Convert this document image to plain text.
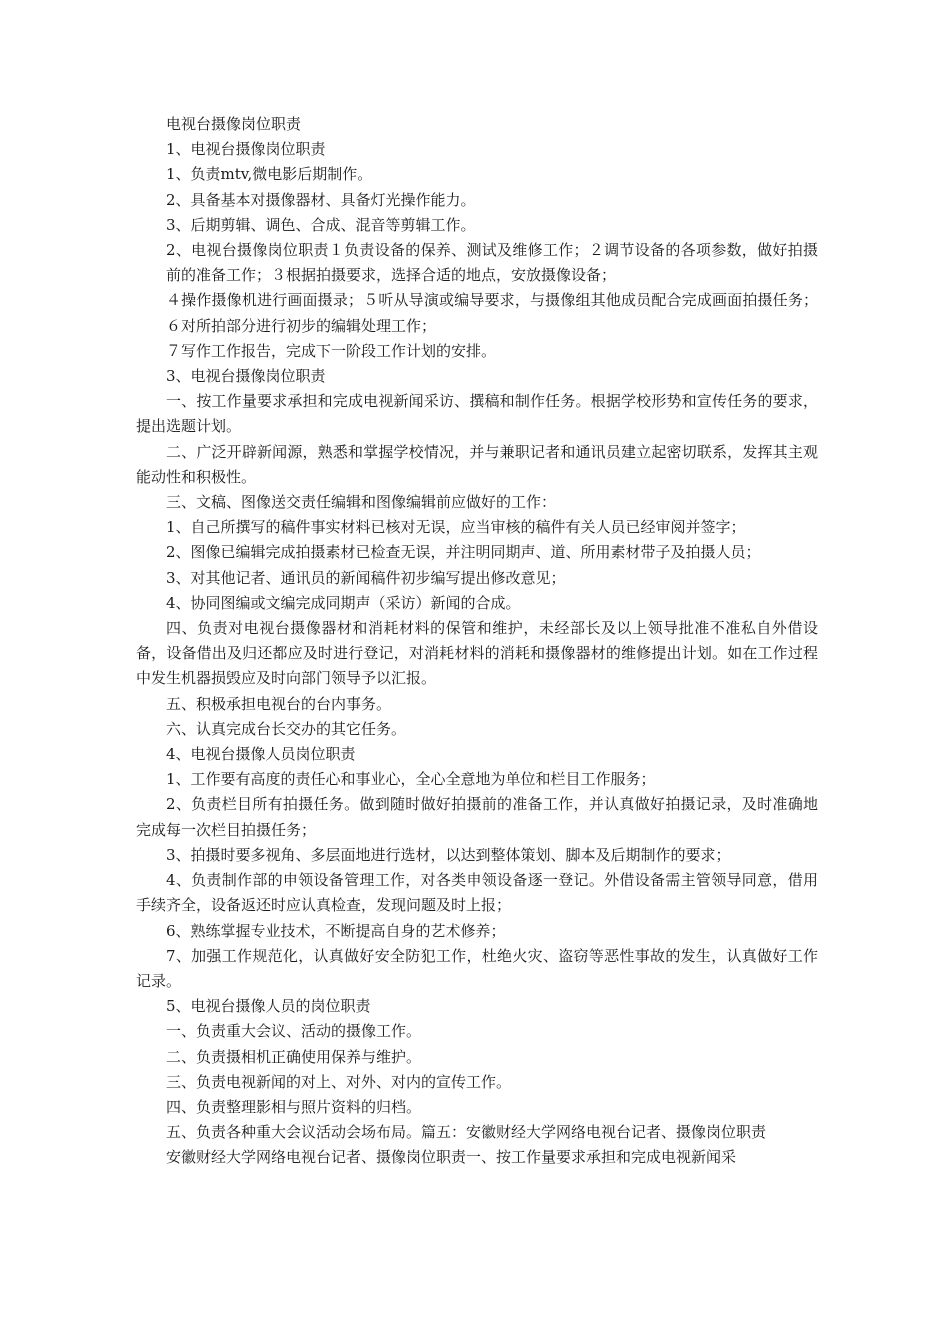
电视台摄像岗位职责

1、电视台摄像岗位职责

1、负责mtv,微电影后期制作。

2、具备基本对摄像器材、具备灯光操作能力。

3、后期剪辑、调色、合成、混音等剪辑工作。

2、电视台摄像岗位职责１负责设备的保养、测试及维修工作；２调节设备的各项参数，做好拍摄前的准备工作；３根据拍摄要求，选择合适的地点，安放摄像设备；

４操作摄像机进行画面摄录；５听从导演或编导要求，与摄像组其他成员配合完成画面拍摄任务；６对所拍部分进行初步的编辑处理工作；

７写作工作报告，完成下一阶段工作计划的安排。

3、电视台摄像岗位职责

一、按工作量要求承担和完成电视新闻采访、撰稿和制作任务。根据学校形势和宣传任务的要求，提出选题计划。

二、广泛开辟新闻源，熟悉和掌握学校情况，并与兼职记者和通讯员建立起密切联系，发挥其主观能动性和积极性。

三、文稿、图像送交责任编辑和图像编辑前应做好的工作：

1、自己所撰写的稿件事实材料已核对无误，应当审核的稿件有关人员已经审阅并签字；

2、图像已编辑完成拍摄素材已检查无误，并注明同期声、道、所用素材带子及拍摄人员；

3、对其他记者、通讯员的新闻稿件初步编写提出修改意见；

4、协同图编或文编完成同期声（采访）新闻的合成。

四、负责对电视台摄像器材和消耗材料的保管和维护，未经部长及以上领导批准不准私自外借设备，设备借出及归还都应及时进行登记，对消耗材料的消耗和摄像器材的维修提出计划。如在工作过程中发生机器损毁应及时向部门领导予以汇报。

五、积极承担电视台的台内事务。

六、认真完成台长交办的其它任务。

4、电视台摄像人员岗位职责

1、工作要有高度的责任心和事业心，全心全意地为单位和栏目工作服务；

2、负责栏目所有拍摄任务。做到随时做好拍摄前的准备工作，并认真做好拍摄记录，及时准确地完成每一次栏目拍摄任务；

3、拍摄时要多视角、多层面地进行选材，以达到整体策划、脚本及后期制作的要求；

4、负责制作部的申领设备管理工作，对各类申领设备逐一登记。外借设备需主管领导同意，借用手续齐全，设备返还时应认真检查，发现问题及时上报；

6、熟练掌握专业技术，不断提高自身的艺术修养；

7、加强工作规范化，认真做好安全防犯工作，杜绝火灾、盗窃等恶性事故的发生，认真做好工作记录。

5、电视台摄像人员的岗位职责

一、负责重大会议、活动的摄像工作。

二、负责摄相机正确使用保养与维护。

三、负责电视新闻的对上、对外、对内的宣传工作。

四、负责整理影相与照片资料的归档。

五、负责各种重大会议活动会场布局。篇五：安徽财经大学网络电视台记者、摄像岗位职责

安徽财经大学网络电视台记者、摄像岗位职责一、按工作量要求承担和完成电视新闻采
